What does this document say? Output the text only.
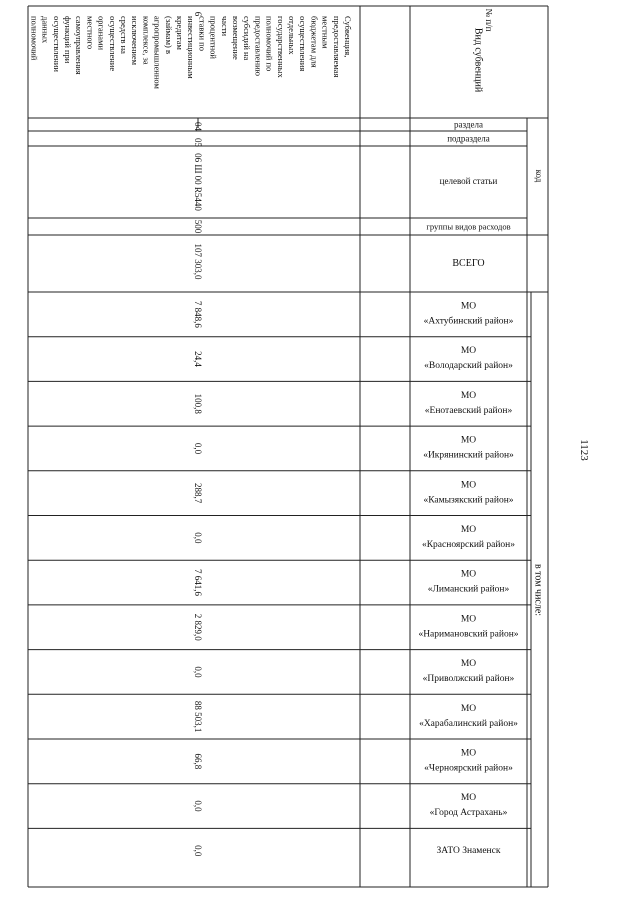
1123
раздела
подраздела
целевой статьи
группы видов расходов
ВСЕГО
код
в том числе:
№ п/п
Вид субвенций
6
04
05
06 Ш 00 R5440
500
107 303,0
Субвенция,
предоставляемая
местным
бюджетам для
осуществления
отдельных
государственных
полномочий по
предоставлению
субсидий на
возмещение
части
процентной
ставки по
инвестиционным
кредитам
(займам) в
агропромышленном
комплексе, за
исключением
средств на
осуществление
органами
местного
самоуправления
функций при
осуществлении
данных
полномочий
МО
«Ахтубинский район»
7 848,6
МО
«Володарский район»
24,4
МО
«Енотаевский район»
100,8
МО
«Икрянинский район»
0,0
МО
«Камызякский район»
288,7
МО
«Красноярский район»
0,0
МО
«Лиманский район»
7 641,6
МО
«Наримановский район»
2 829,0
МО
«Приволжский район»
0,0
МО
«Харабалинский район»
88 503,1
МО
«Черноярский район»
66,8
МО
«Город Астрахань»
0,0
ЗАТО Знаменск
0,0
